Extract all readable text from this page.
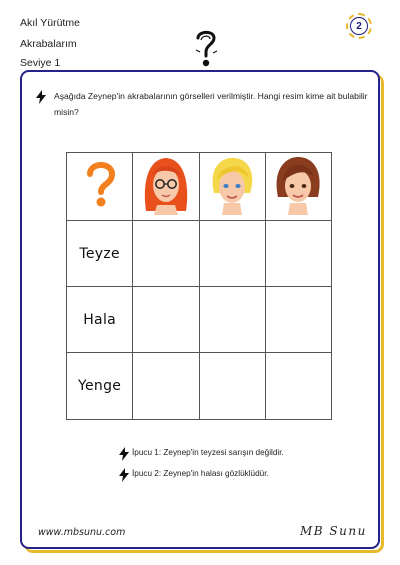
Akıl Yürütme
Akrabalarım
Seviye 1
2
Aşağıda Zeynep'in akrabalarının görselleri verilmiştir. Hangi resim kime ait bulabilir misin?

Teyze			
Hala			
Yenge			
İpucu 1: Zeynep'in teyzesi sarışın değildir.
İpucu 2: Zeynep'in halası gözlüklüdür.
www.mbsunu.com	MB Sunu
